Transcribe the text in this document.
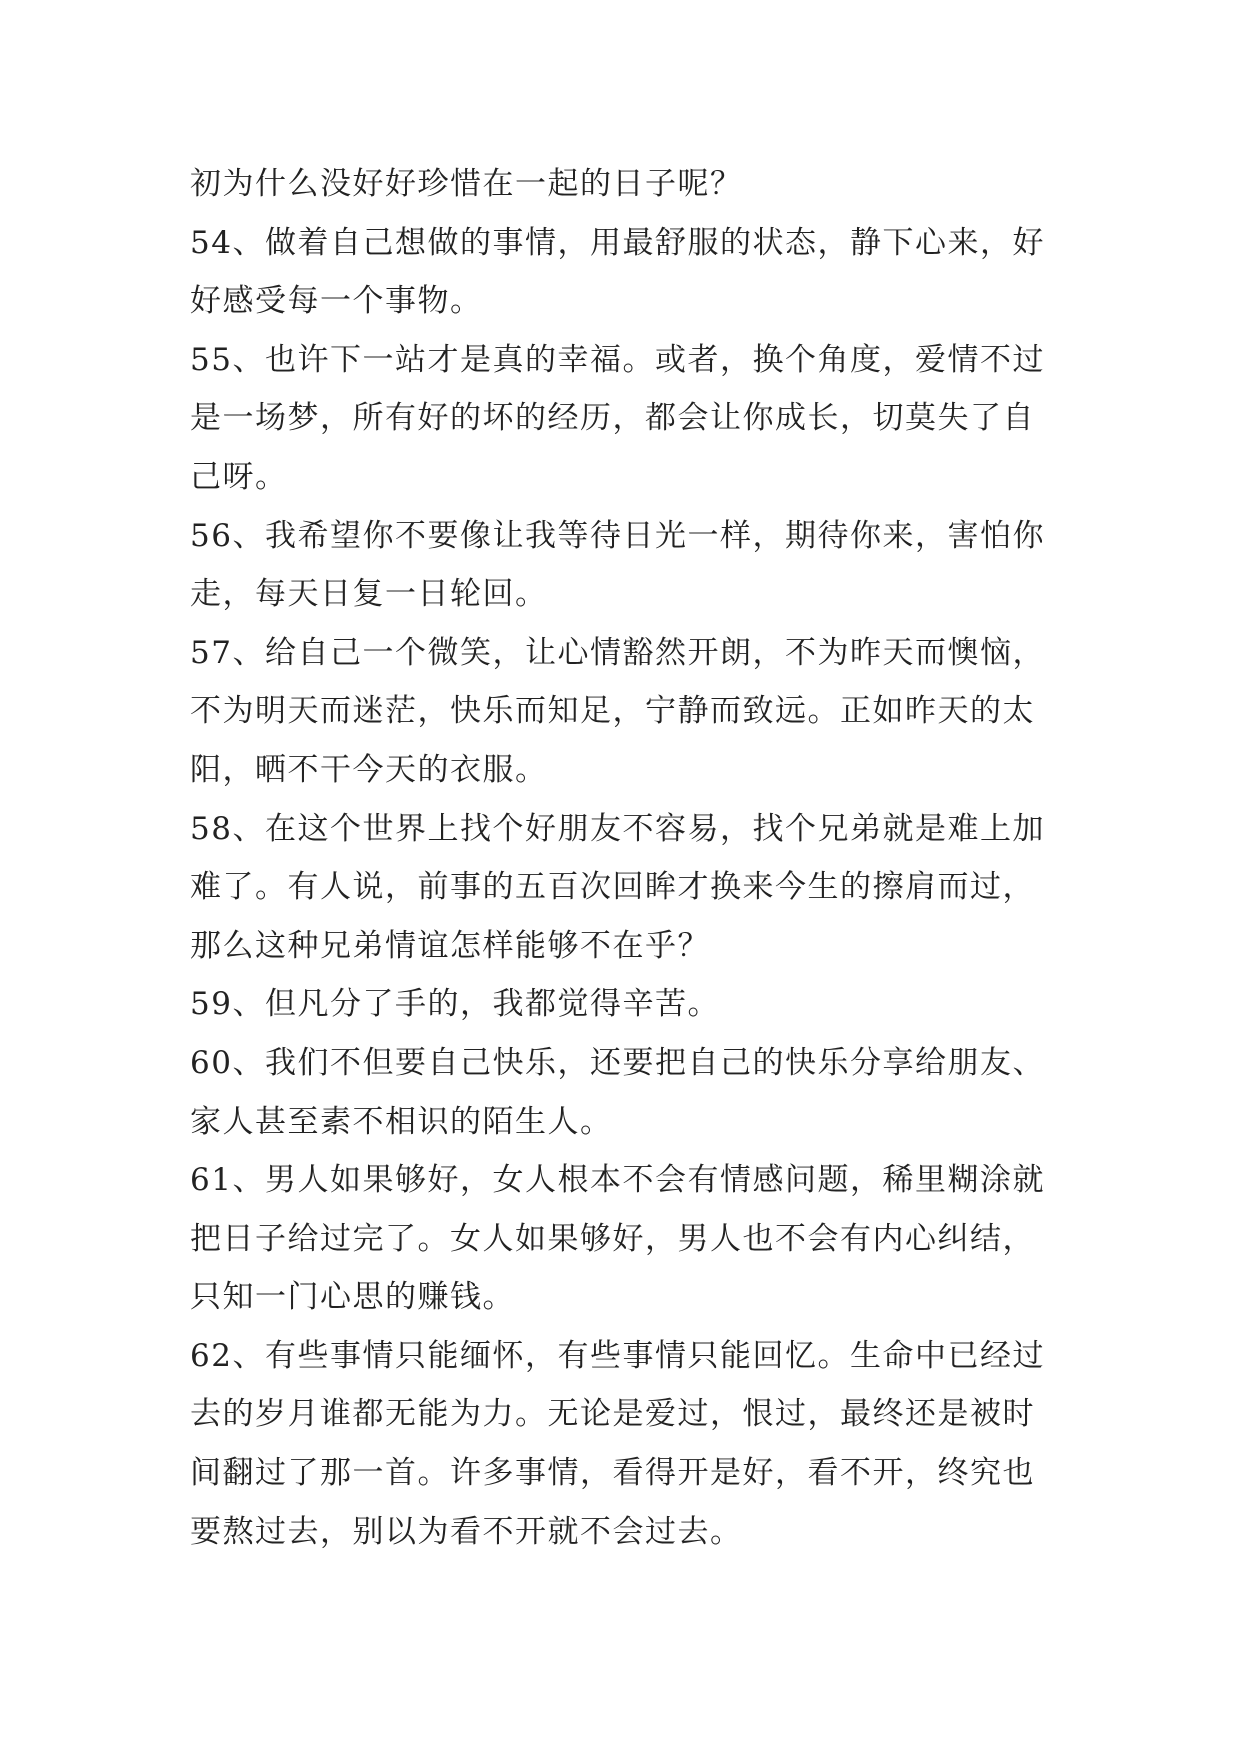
初为什么没好好珍惜在一起的日子呢？
54、做着自己想做的事情，用最舒服的状态，静下心来，好
好感受每一个事物。
55、也许下一站才是真的幸福。或者，换个角度，爱情不过
是一场梦，所有好的坏的经历，都会让你成长，切莫失了自
己呀。
56、我希望你不要像让我等待日光一样，期待你来，害怕你
走，每天日复一日轮回。
57、给自己一个微笑，让心情豁然开朗，不为昨天而懊恼，
不为明天而迷茫，快乐而知足，宁静而致远。正如昨天的太
阳，晒不干今天的衣服。
58、在这个世界上找个好朋友不容易，找个兄弟就是难上加
难了。有人说，前事的五百次回眸才换来今生的擦肩而过，
那么这种兄弟情谊怎样能够不在乎？
59、但凡分了手的，我都觉得辛苦。
60、我们不但要自己快乐，还要把自己的快乐分享给朋友、
家人甚至素不相识的陌生人。
61、男人如果够好，女人根本不会有情感问题，稀里糊涂就
把日子给过完了。女人如果够好，男人也不会有内心纠结，
只知一门心思的赚钱。
62、有些事情只能缅怀，有些事情只能回忆。生命中已经过
去的岁月谁都无能为力。无论是爱过，恨过，最终还是被时
间翻过了那一首。许多事情，看得开是好，看不开，终究也
要熬过去，别以为看不开就不会过去。
